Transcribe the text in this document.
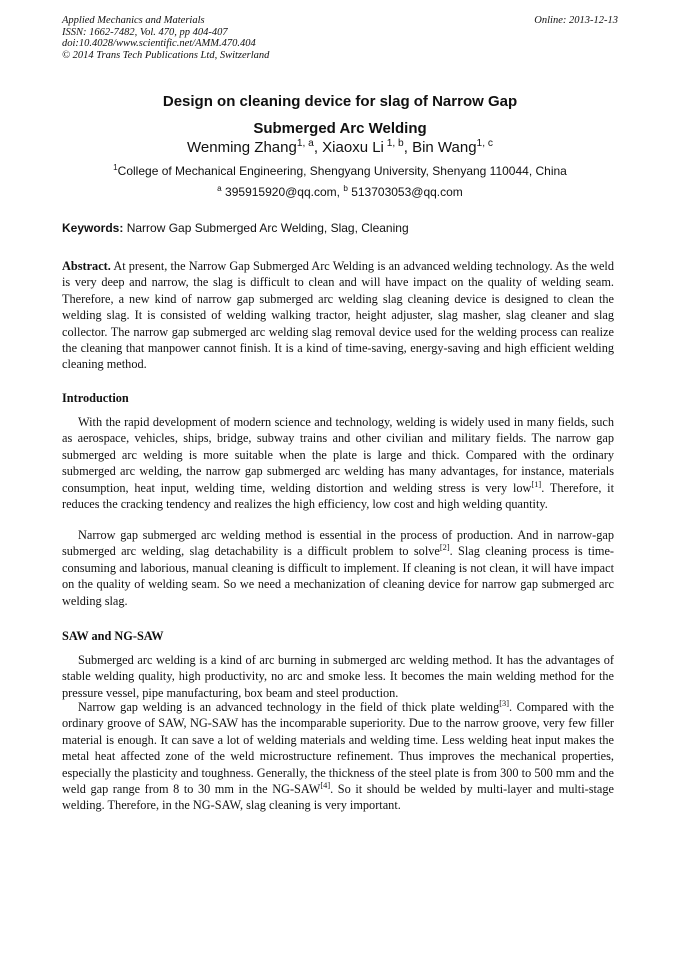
Applied Mechanics and Materials
ISSN: 1662-7482, Vol. 470, pp 404-407
doi:10.4028/www.scientific.net/AMM.470.404
© 2014 Trans Tech Publications Ltd, Switzerland
Online: 2013-12-13
Design on cleaning device for slag of Narrow Gap
Submerged Arc Welding
Wenming Zhang$^{1, a}$, Xiaoxu Li $^{1, b}$, Bin Wang$^{1, c}$
$^1$College of Mechanical Engineering, Shengyang University, Shenyang 110044, China
$^a$ 395915920@qq.com, $^b$ 513703053@qq.com
Keywords: Narrow Gap Submerged Arc Welding, Slag, Cleaning

Abstract. At present, the Narrow Gap Submerged Arc Welding is an advanced welding technology. As the weld is very deep and narrow, the slag is difficult to clean and will have impact on the quality of welding seam. Therefore, a new kind of narrow gap submerged arc welding slag cleaning device is designed to clean the welding slag. It is consisted of welding walking tractor, height adjuster, slag masher, slag cleaner and slag collector. The narrow gap submerged arc welding slag removal device used for the welding process can realize the cleaning that manpower cannot finish. It is a kind of time-saving, energy-saving and high efficient welding cleaning method.

Introduction

With the rapid development of modern science and technology, welding is widely used in many fields, such as aerospace, vehicles, ships, bridge, subway trains and other civilian and military fields. The narrow gap submerged arc welding is more suitable when the plate is large and thick. Compared with the ordinary submerged arc welding, the narrow gap submerged arc welding has many advantages, for instance, materials consumption, heat input, welding time, welding distortion and welding stress is very low[1]. Therefore, it reduces the cracking tendency and realizes the high efficiency, low cost and high welding quantity.

Narrow gap submerged arc welding method is essential in the process of production. And in narrow-gap submerged arc welding, slag detachability is a difficult problem to solve[2]. Slag cleaning process is time-consuming and laborious, manual cleaning is difficult to implement. If cleaning is not clean, it will have impact on the quality of welding seam. So we need a mechanization of cleaning device for narrow gap submerged arc welding slag.

SAW and NG-SAW

Submerged arc welding is a kind of arc burning in submerged arc welding method. It has the advantages of stable welding quality, high productivity, no arc and smoke less. It becomes the main welding method for the pressure vessel, pipe manufacturing, box beam and steel production.

Narrow gap welding is an advanced technology in the field of thick plate welding[3]. Compared with the ordinary groove of SAW, NG-SAW has the incomparable superiority. Due to the narrow groove, very few filler material is enough. It can save a lot of welding materials and welding time. Less welding heat input makes the metal heat affected zone of the weld microstructure refinement. Thus improves the mechanical properties, especially the plasticity and toughness. Generally, the thickness of the steel plate is from 300 to 500 mm and the weld gap range from 8 to 30 mm in the NG-SAW[4]. So it should be welded by multi-layer and multi-stage welding. Therefore, in the NG-SAW, slag cleaning is very important.
